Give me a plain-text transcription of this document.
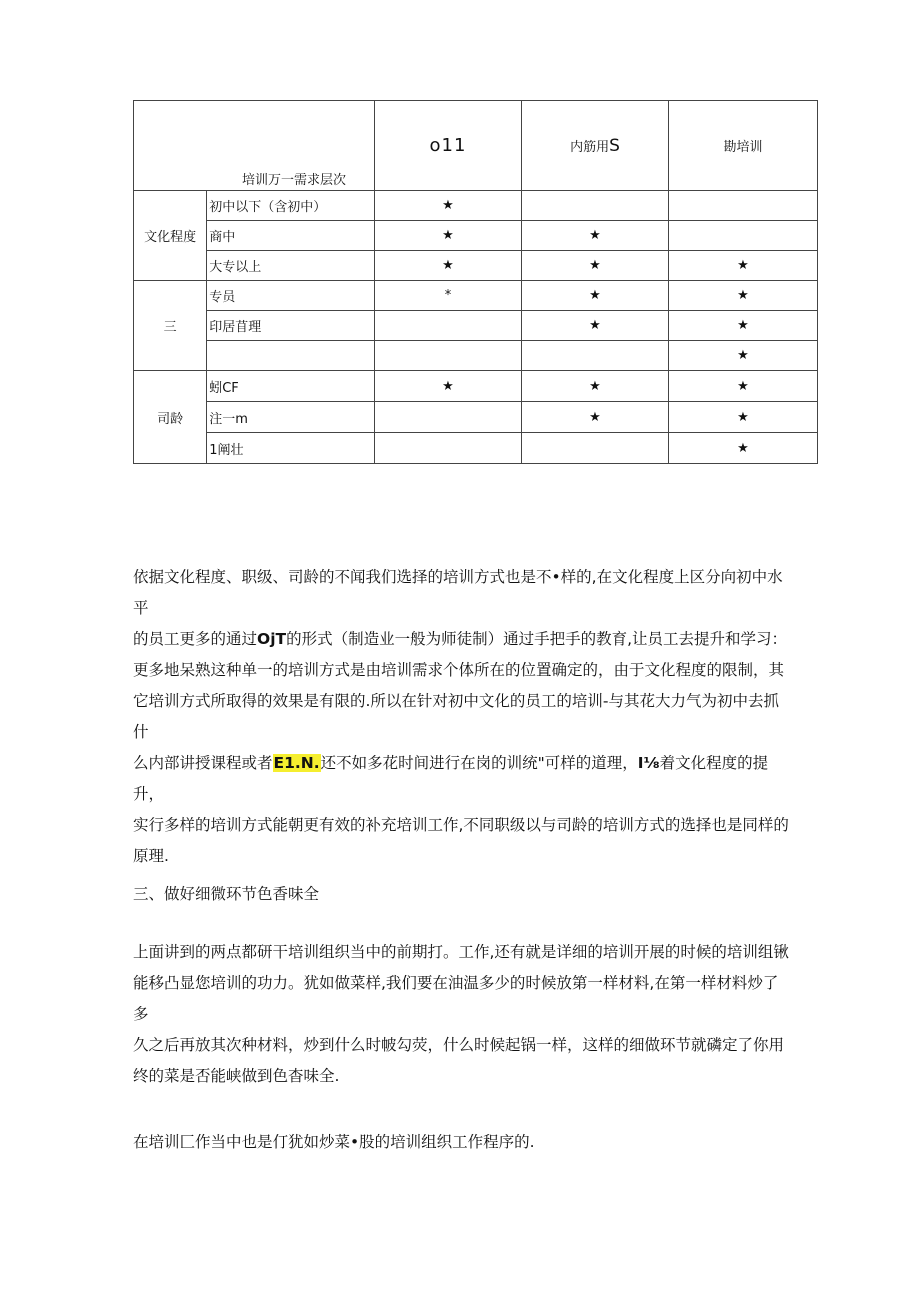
培训万一需求层次		o11	内筋用S	勘培训
文化程度	初中以下（含初中）	★		
	商中	★	★	
	大专以上	★	★	★
三	专员	*	★	★
	印居苜理		★	★
				★
司龄	蚓CF	★	★	★
	注一m		★	★
	1阐壮			★
依据文化程度、职级、司龄的不闻我们选择的培训方式也是不•样的,在文化程度上区分向初中水平
的员工更多的通过OjT的形式（制造业一般为师徒制）通过手把手的教育,让员工去提升和学习：
更多地呆熟这种单一的培训方式是由培训需求个体所在的位置确定的，由于文化程度的限制，其
它培训方式所取得的效果是有限的.所以在针对初中文化的员工的培训-与其花大力气为初中去抓什
么内部讲授课程或者E1.N.还不如多花时间进行在岗的训统"可样的道理，I⅛着文化程度的提升，
实行多样的培训方式能朝更有效的补充培训工作,不同职级以与司龄的培训方式的选择也是同样的
原理.
三、做好细微环节色香味全
上面讲到的两点都研干培训组织当中的前期打。工作,还有就是详细的培训开展的时候的培训组锹
能移凸显您培训的功力。犹如做菜样,我们要在油温多少的时候放第一样材料,在第一样材料炒了多
久之后再放其次种材料，炒到什么时帔勾荧，什么时候起锅一样，这样的细做环节就磷定了你用
终的菜是否能峡做到色杳味全.
在培训匚作当中也是仃犹如炒菜•股的培训组织工作程序的.
